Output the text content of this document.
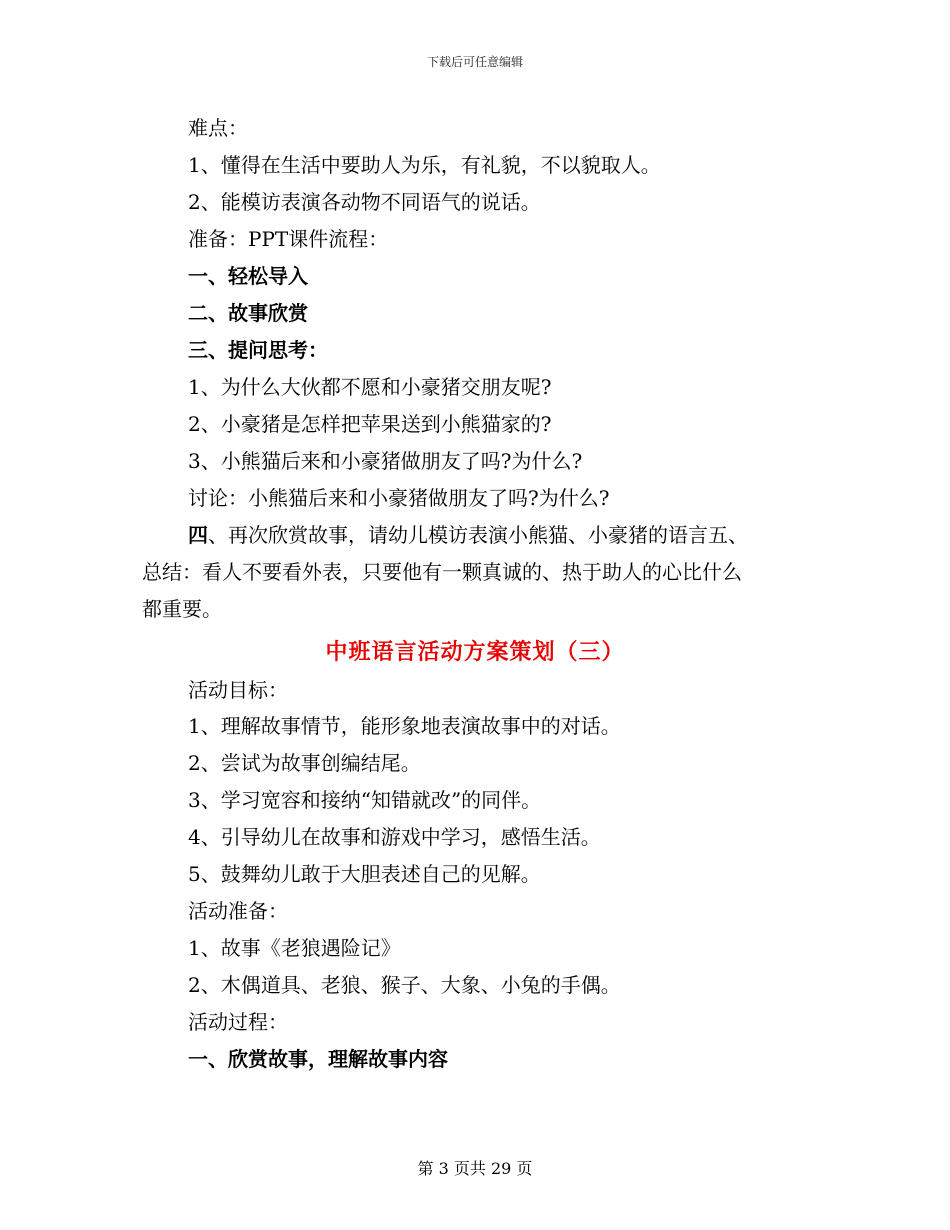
下载后可任意编辑
难点：
1、懂得在生活中要助人为乐，有礼貌，不以貌取人。
2、能模访表演各动物不同语气的说话。
准备：PPT课件流程：
一、轻松导入
二、故事欣赏
三、提问思考：
1、为什么大伙都不愿和小豪猪交朋友呢?
2、小豪猪是怎样把苹果送到小熊猫家的?
3、小熊猫后来和小豪猪做朋友了吗?为什么?
讨论：小熊猫后来和小豪猪做朋友了吗?为什么?
四、再次欣赏故事，请幼儿模访表演小熊猫、小豪猪的语言五、
总结：看人不要看外表，只要他有一颗真诚的、热于助人的心比什么
都重要。
中班语言活动方案策划（三）
活动目标：
1、理解故事情节，能形象地表演故事中的对话。
2、尝试为故事创编结尾。
3、学习宽容和接纳“知错就改”的同伴。
4、引导幼儿在故事和游戏中学习，感悟生活。
5、鼓舞幼儿敢于大胆表述自己的见解。
活动准备：
1、故事《老狼遇险记》
2、木偶道具、老狼、猴子、大象、小兔的手偶。
活动过程：
一、欣赏故事，理解故事内容
第 3 页共 29 页
